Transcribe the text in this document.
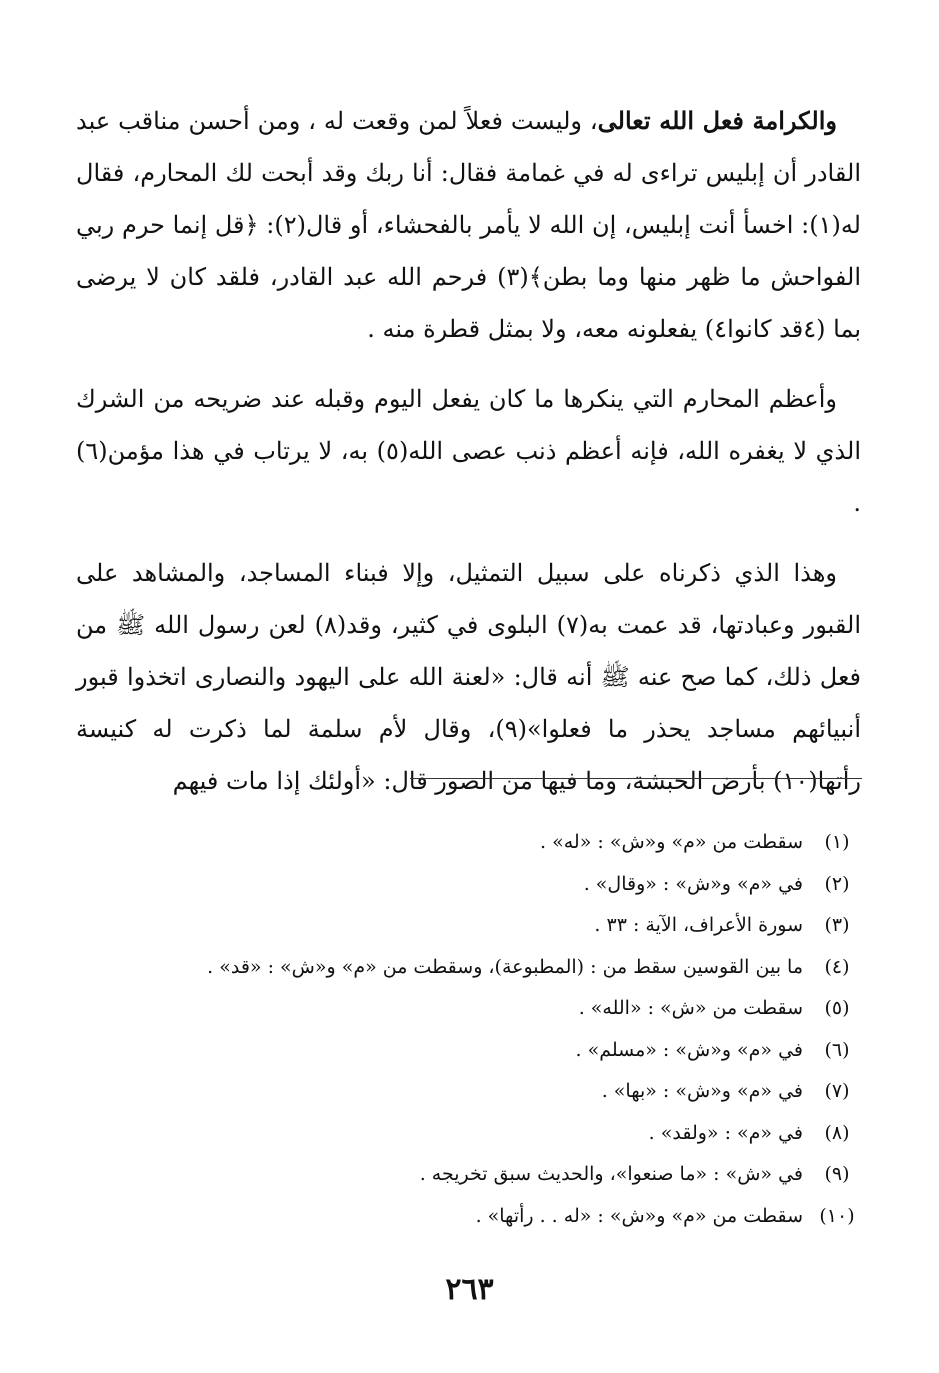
والكرامة فعل الله تعالى، وليست فعلاً لمن وقعت له ، ومن أحسن مناقب عبد القادر أن إبليس تراءى له في غمامة فقال: أنا ربك وقد أبحت لك المحارم، فقال له(١): اخسأ أنت إبليس، إن الله لا يأمر بالفحشاء، أو قال(٢): ﴿قل إنما حرم ربي الفواحش ما ظهر منها وما بطن﴾(٣) فرحم الله عبد القادر، فلقد كان لا يرضى بما (٤قد كانوا٤) يفعلونه معه، ولا بمثل قطرة منه .

وأعظم المحارم التي ينكرها ما كان يفعل اليوم وقبله عند ضريحه من الشرك الذي لا يغفره الله، فإنه أعظم ذنب عصى الله(٥) به، لا يرتاب في هذا مؤمن(٦) .

وهذا الذي ذكرناه على سبيل التمثيل، وإلا فبناء المساجد، والمشاهد على القبور وعبادتها، قد عمت به(٧) البلوى في كثير، وقد(٨) لعن رسول الله ﷺ من فعل ذلك، كما صح عنه ﷺ أنه قال: «لعنة الله على اليهود والنصارى اتخذوا قبور أنبيائهم مساجد يحذر ما فعلوا»(٩)، وقال لأم سلمة لما ذكرت له كنيسة رأتها(١٠) بأرض الحبشة، وما فيها من الصور قال: «أولئك إذا مات فيهم

(١)
سقطت من «م» و«ش» : «له» .
(٢)
في «م» و«ش» : «وقال» .
(٣)
سورة الأعراف، الآية : ٣٣ .
(٤)
ما بين القوسين سقط من : (المطبوعة)، وسقطت من «م» و«ش» : «قد» .
(٥)
سقطت من «ش» : «الله» .
(٦)
في «م» و«ش» : «مسلم» .
(٧)
في «م» و«ش» : «بها» .
(٨)
في «م» : «ولقد» .
(٩)
في «ش» : «ما صنعوا»، والحديث سبق تخريجه .
(١٠)
سقطت من «م» و«ش» : «له . . رأتها» .
٢٦٣
